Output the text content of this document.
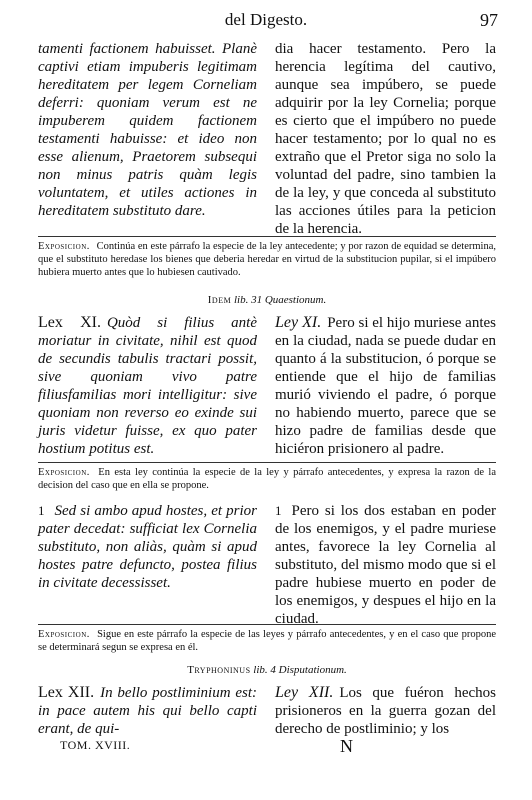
del Digesto.	97

tamenti factionem habuisset. Planè captivi etiam impuberis legitimam hereditatem per legem Corneliam deferri: quoniam verum est ne impuberem quidem factionem testamenti habuisse: et ideo non esse alienum, Praetorem subsequi non minus patris quàm legis voluntatem, et utiles actiones in hereditatem substituto dare.

dia hacer testamento. Pero la herencia legítima del cautivo, aunque sea impúbero, se puede adquirir por la ley Cornelia; porque es cierto que el impúbero no puede hacer testamento; por lo qual no es extraño que el Pretor siga no solo la voluntad del padre, sino tambien la de la ley, y que conceda al substituto las acciones útiles para la peticion de la herencia.

Exposicion. Continúa en este párrafo la especie de la ley antecedente; y por razon de equidad se determina, que el substituto heredase los bienes que deberia heredar en virtud de la substitucion pupilar, si el impúbero hubiera muerto antes que lo hubiesen cautivado.
Idem lib. 31 Quaestionum.

Lex XI. Quòd si filius antè moriatur in civitate, nihil est quod de secundis tabulis tractari possit, sive quoniam vivo patre filiusfamilias mori intelligitur: sive quoniam non reverso eo exinde sui juris videtur fuisse, ex quo pater hostium potitus est.

Ley XI. Pero si el hijo muriese antes en la ciudad, nada se puede dudar en quanto á la substitucion, ó porque se entiende que el hijo de familias murió viviendo el padre, ó porque no habiendo muerto, parece que se hizo padre de familias desde que hiciéron prisionero al padre.

Exposicion. En esta ley continúa la especie de la ley y párrafo antecedentes, y expresa la razon de la decision del caso que en ella se propone.

1 Sed si ambo apud hostes, et prior pater decedat: sufficiat lex Cornelia substituto, non aliàs, quàm si apud hostes patre defuncto, postea filius in civitate decessisset.

1 Pero si los dos estaban en poder de los enemigos, y el padre muriese antes, favorece la ley Cornelia al substituto, del mismo modo que si el padre hubiese muerto en poder de los enemigos, y despues el hijo en la ciudad.

Exposicion. Sigue en este párrafo la especie de las leyes y párrafo antecedentes, y en el caso que propone se determinará segun se expresa en él.
Tryphoninus lib. 4 Disputationum.

Lex XII. In bello postliminium est: in pace autem his qui bello capti erant, de qui-

Ley XII. Los que fuéron hechos prisioneros en la guerra gozan del derecho de postliminio; y los

TOM. XVIII.	N
